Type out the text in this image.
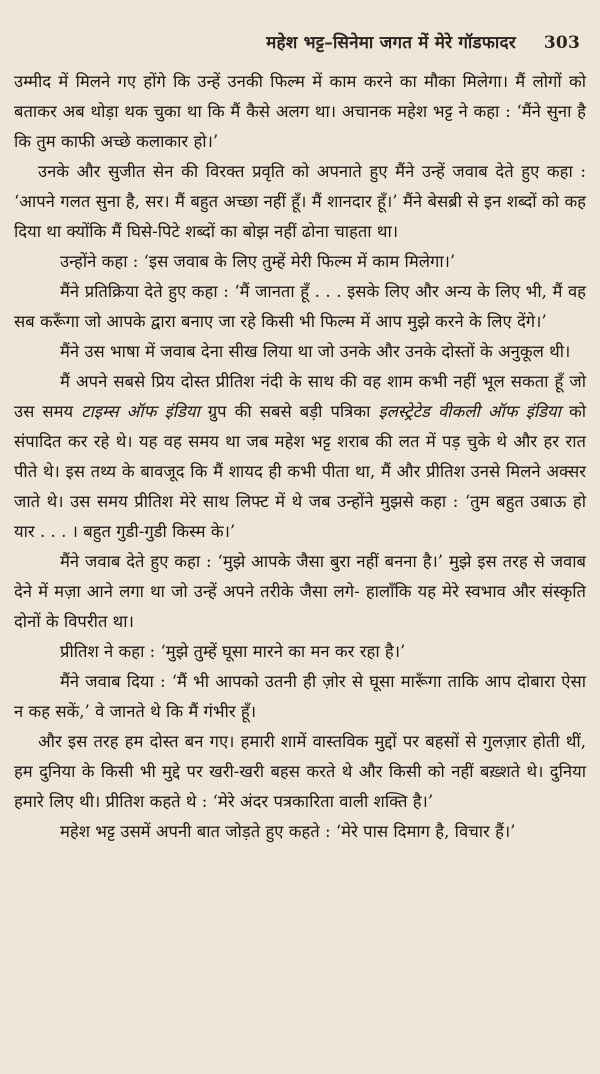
महेश भट्ट–सिनेमा जगत में मेरे गॉडफादर 303

उम्मीद में मिलने गए होंगे कि उन्हें उनकी फिल्म में काम करने का मौका मिलेगा। मैं लोगों को बताकर अब थोड़ा थक चुका था कि मैं कैसे अलग था। अचानक महेश भट्ट ने कहा : ‘मैंने सुना है कि तुम काफी अच्छे कलाकार हो।’

उनके और सुजीत सेन की विरक्त प्रवृति को अपनाते हुए मैंने उन्हें जवाब देते हुए कहा : ‘आपने गलत सुना है, सर। मैं बहुत अच्छा नहीं हूँ। मैं शानदार हूँ।’ मैंने बेसब्री से इन शब्दों को कह दिया था क्योंकि मैं घिसे-पिटे शब्दों का बोझ नहीं ढोना चाहता था।

उन्होंने कहा : ‘इस जवाब के लिए तुम्हें मेरी फिल्म में काम मिलेगा।’

मैंने प्रतिक्रिया देते हुए कहा : ‘मैं जानता हूँ . . . इसके लिए और अन्य के लिए भी, मैं वह सब करूँगा जो आपके द्वारा बनाए जा रहे किसी भी फिल्म में आप मुझे करने के लिए देंगे।’

मैंने उस भाषा में जवाब देना सीख लिया था जो उनके और उनके दोस्तों के अनुकूल थी।

मैं अपने सबसे प्रिय दोस्त प्रीतिश नंदी के साथ की वह शाम कभी नहीं भूल सकता हूँ जो उस समय टाइम्स ऑफ इंडिया ग्रुप की सबसे बड़ी पत्रिका इलस्ट्रेटेड वीकली ऑफ इंडिया को संपादित कर रहे थे। यह वह समय था जब महेश भट्ट शराब की लत में पड़ चुके थे और हर रात पीते थे। इस तथ्य के बावजूद कि मैं शायद ही कभी पीता था, मैं और प्रीतिश उनसे मिलने अक्सर जाते थे। उस समय प्रीतिश मेरे साथ लिफ्ट में थे जब उन्होंने मुझसे कहा : ‘तुम बहुत उबाऊ हो यार . . . । बहुत गुडी-गुडी किस्म के।’

मैंने जवाब देते हुए कहा : ‘मुझे आपके जैसा बुरा नहीं बनना है।’ मुझे इस तरह से जवाब देने में मज़ा आने लगा था जो उन्हें अपने तरीके जैसा लगे- हालाँकि यह मेरे स्वभाव और संस्कृति दोनों के विपरीत था।

प्रीतिश ने कहा : ‘मुझे तुम्हें घूसा मारने का मन कर रहा है।’

मैंने जवाब दिया : ‘मैं भी आपको उतनी ही ज़ोर से घूसा मारूँगा ताकि आप दोबारा ऐसा न कह सकें,’ वे जानते थे कि मैं गंभीर हूँ।

और इस तरह हम दोस्त बन गए। हमारी शामें वास्तविक मुद्दों पर बहसों से गुलज़ार होती थीं, हम दुनिया के किसी भी मुद्दे पर खरी-खरी बहस करते थे और किसी को नहीं बख़्शते थे। दुनिया हमारे लिए थी। प्रीतिश कहते थे : ‘मेरे अंदर पत्रकारिता वाली शक्ति है।’

महेश भट्ट उसमें अपनी बात जोड़ते हुए कहते : ‘मेरे पास दिमाग है, विचार हैं।’
